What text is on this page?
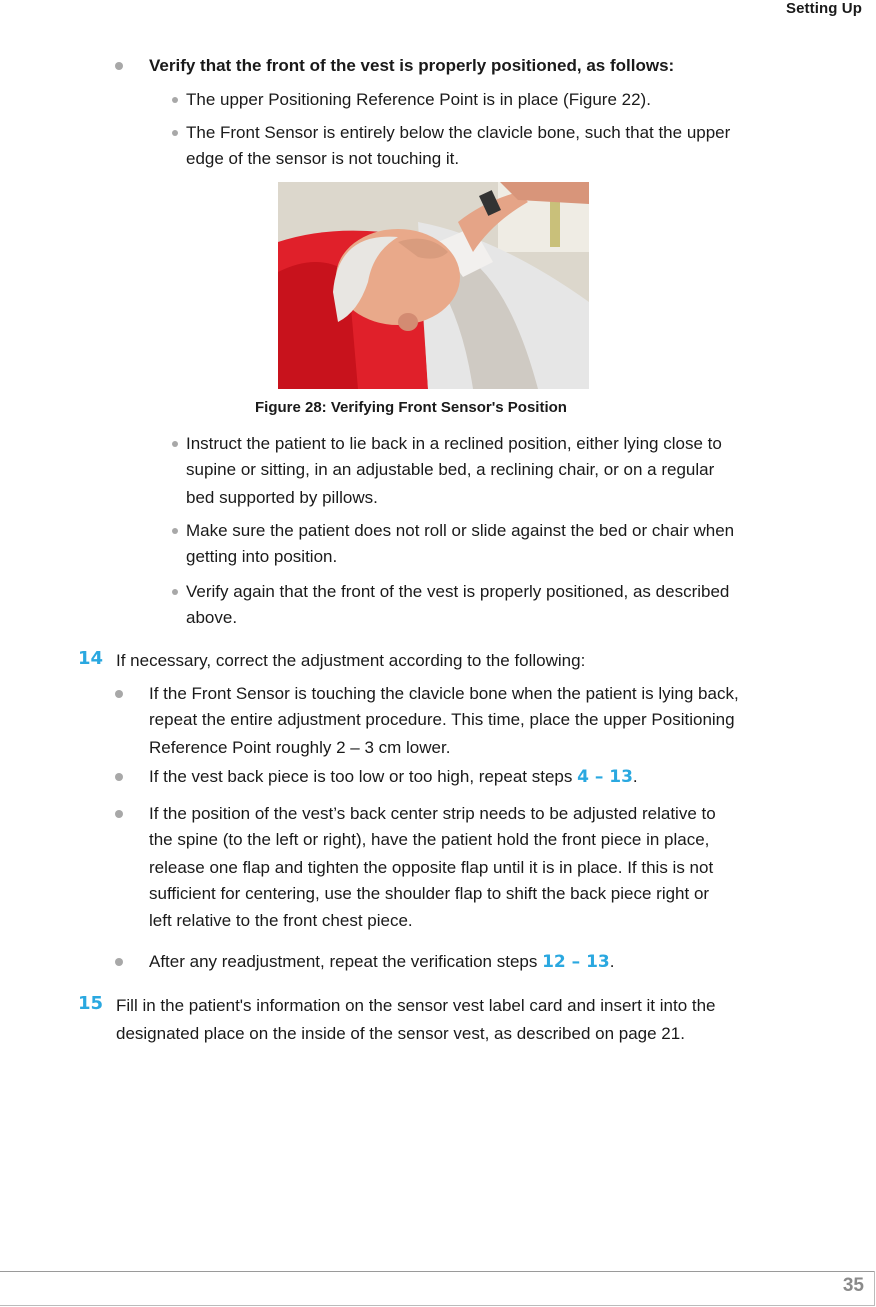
Setting Up
Verify that the front of the vest is properly positioned, as follows:
The upper Positioning Reference Point is in place (Figure 22).
The Front Sensor is entirely below the clavicle bone, such that the upper
edge of the sensor is not touching it.
Figure 28: Verifying Front Sensor's Position
Instruct the patient to lie back in a reclined position, either lying close to
supine or sitting, in an adjustable bed, a reclining chair, or on a regular
bed supported by pillows.
Make sure the patient does not roll or slide against the bed or chair when
getting into position.
Verify again that the front of the vest is properly positioned, as described
above.
14 If necessary, correct the adjustment according to the following:
If the Front Sensor is touching the clavicle bone when the patient is lying back,
repeat the entire adjustment procedure. This time, place the upper Positioning
Reference Point roughly 2 – 3 cm lower.
If the vest back piece is too low or too high, repeat steps 4 – 13.
If the position of the vest’s back center strip needs to be adjusted relative to
the spine (to the left or right), have the patient hold the front piece in place,
release one flap and tighten the opposite flap until it is in place. If this is not
sufficient for centering, use the shoulder flap to shift the back piece right or
left relative to the front chest piece.
After any readjustment, repeat the verification steps 12 – 13.
15 Fill in the patient's information on the sensor vest label card and insert it into the
designated place on the inside of the sensor vest, as described on page 21.
35
